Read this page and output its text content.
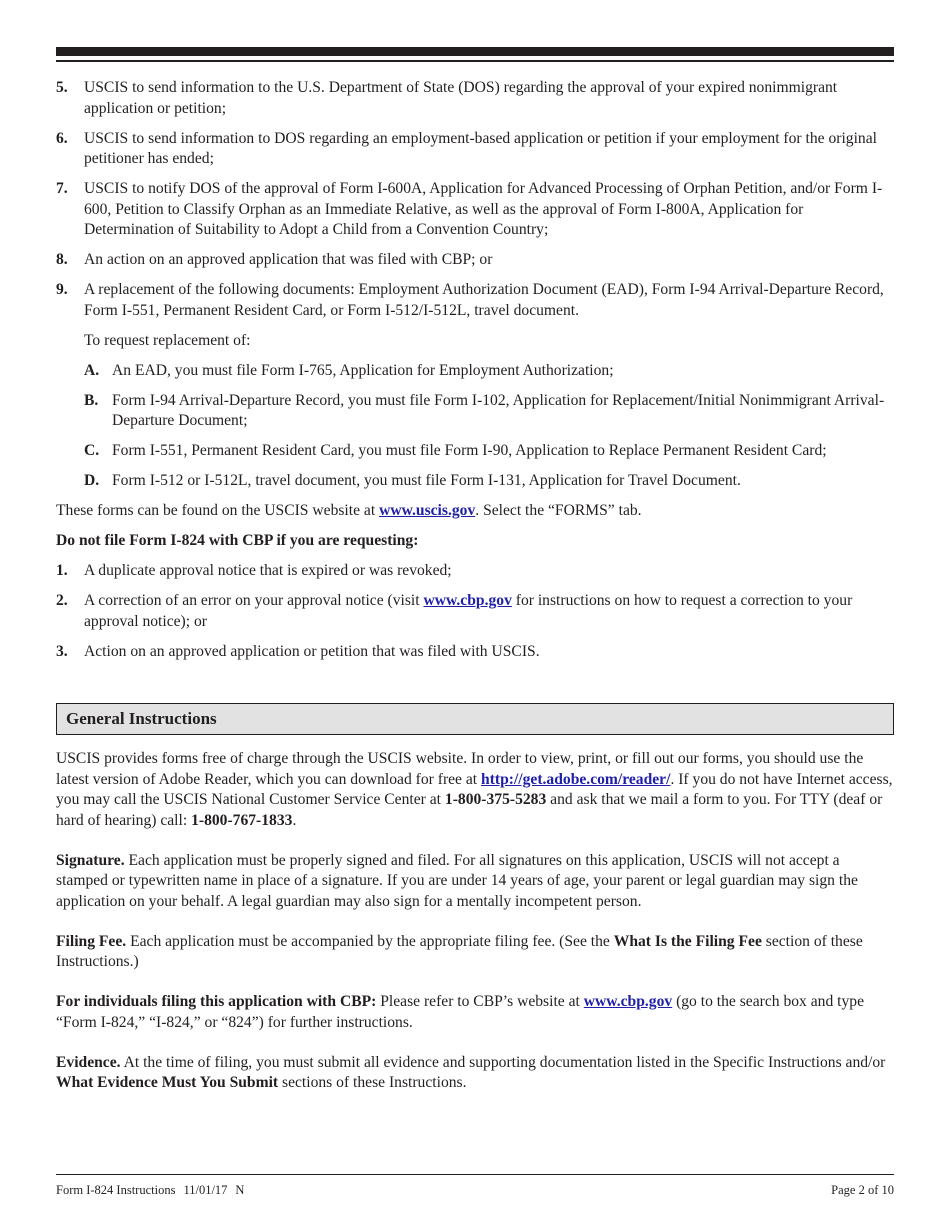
5.	USCIS to send information to the U.S. Department of State (DOS) regarding the approval of your expired nonimmigrant application or petition;
6.	USCIS to send information to DOS regarding an employment-based application or petition if your employment for the original petitioner has ended;
7.	USCIS to notify DOS of the approval of Form I-600A, Application for Advanced Processing of Orphan Petition, and/or Form I-600, Petition to Classify Orphan as an Immediate Relative, as well as the approval of Form I-800A, Application for Determination of Suitability to Adopt a Child from a Convention Country;
8.	An action on an approved application that was filed with CBP; or
9.	A replacement of the following documents: Employment Authorization Document (EAD), Form I-94 Arrival-Departure Record, Form I-551, Permanent Resident Card, or Form I-512/I-512L, travel document.
To request replacement of:
A. An EAD, you must file Form I-765, Application for Employment Authorization;
B. Form I-94 Arrival-Departure Record, you must file Form I-102, Application for Replacement/Initial Nonimmigrant Arrival-Departure Document;
C. Form I-551, Permanent Resident Card, you must file Form I-90, Application to Replace Permanent Resident Card;
D. Form I-512 or I-512L, travel document, you must file Form I-131, Application for Travel Document.
These forms can be found on the USCIS website at www.uscis.gov. Select the “FORMS” tab.
Do not file Form I-824 with CBP if you are requesting:
1.	A duplicate approval notice that is expired or was revoked;
2.	A correction of an error on your approval notice (visit www.cbp.gov for instructions on how to request a correction to your approval notice); or
3.	Action on an approved application or petition that was filed with USCIS.
General Instructions
USCIS provides forms free of charge through the USCIS website. In order to view, print, or fill out our forms, you should use the latest version of Adobe Reader, which you can download for free at http://get.adobe.com/reader/. If you do not have Internet access, you may call the USCIS National Customer Service Center at 1-800-375-5283 and ask that we mail a form to you. For TTY (deaf or hard of hearing) call: 1-800-767-1833.
Signature. Each application must be properly signed and filed. For all signatures on this application, USCIS will not accept a stamped or typewritten name in place of a signature. If you are under 14 years of age, your parent or legal guardian may sign the application on your behalf. A legal guardian may also sign for a mentally incompetent person.
Filing Fee. Each application must be accompanied by the appropriate filing fee. (See the What Is the Filing Fee section of these Instructions.)
For individuals filing this application with CBP: Please refer to CBP’s website at www.cbp.gov (go to the search box and type “Form I-824,” “I-824,” or “824”) for further instructions.
Evidence. At the time of filing, you must submit all evidence and supporting documentation listed in the Specific Instructions and/or What Evidence Must You Submit sections of these Instructions.
Form I-824 Instructions 11/01/17 N	Page 2 of 10
